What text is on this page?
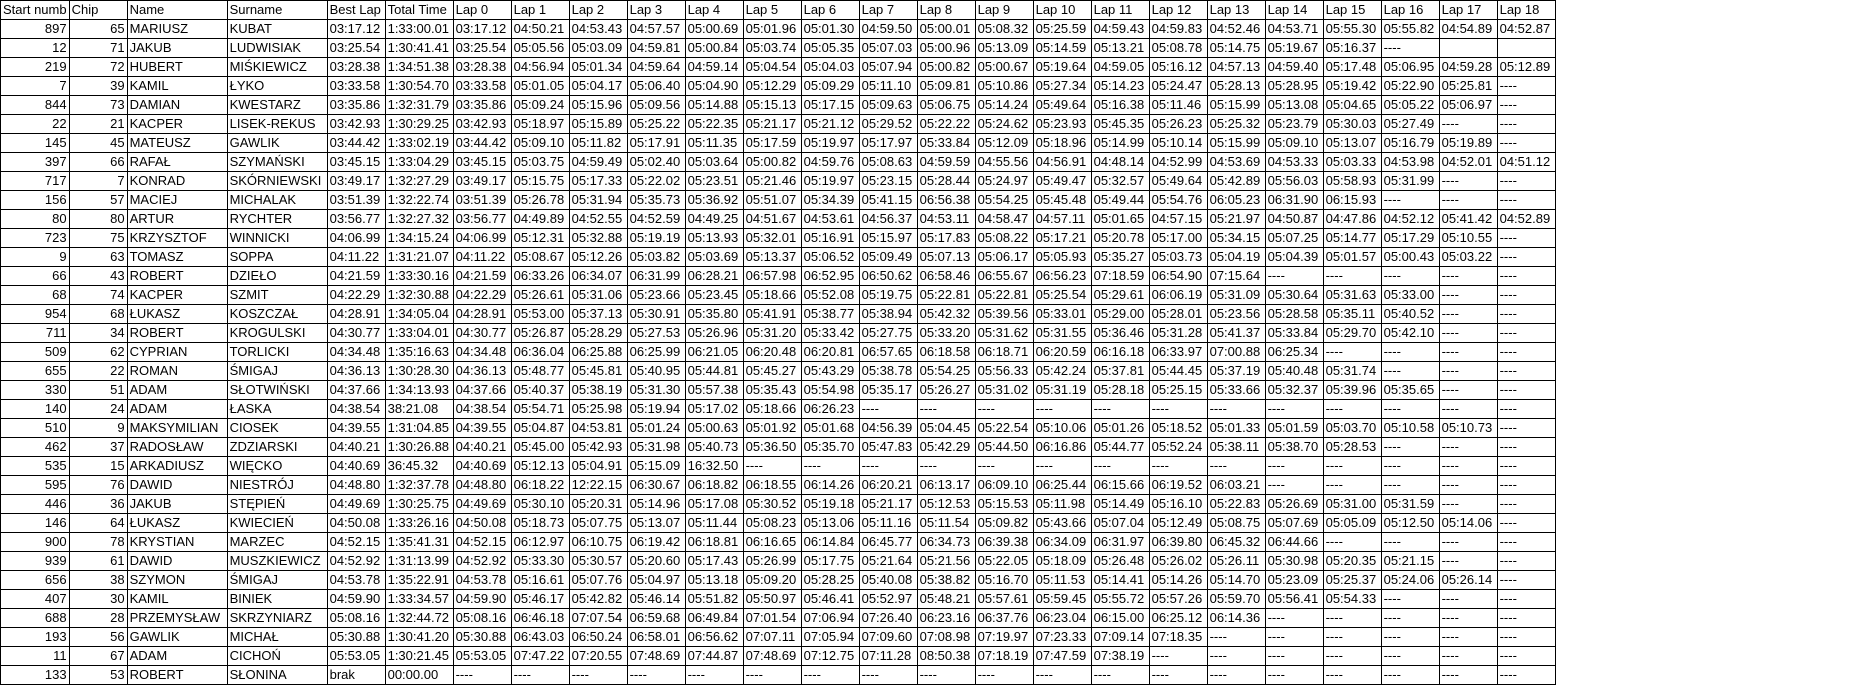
Start numb	Chip	Name	Surname	Best Lap	Total Time	Lap 0	Lap 1	Lap 2	Lap 3	Lap 4	Lap 5	Lap 6	Lap 7	Lap 8	Lap 9	Lap 10	Lap 11	Lap 12	Lap 13	Lap 14	Lap 15	Lap 16	Lap 17	Lap 18
897	65	MARIUSZ	KUBAT	03:17.12	1:33:00.01	03:17.12	04:50.21	04:53.43	04:57.57	05:00.69	05:01.96	05:01.30	04:59.50	05:00.01	05:08.32	05:25.59	04:59.43	04:59.83	04:52.46	04:53.71	05:55.30	05:55.82	04:54.89	04:52.87
12	71	JAKUB	LUDWISIAK	03:25.54	1:30:41.41	03:25.54	05:05.56	05:03.09	04:59.81	05:00.84	05:03.74	05:05.35	05:07.03	05:00.96	05:13.09	05:14.59	05:13.21	05:08.78	05:14.75	05:19.67	05:16.37	----		
219	72	HUBERT	MIŚKIEWICZ	03:28.38	1:34:51.38	03:28.38	04:56.94	05:01.34	04:59.64	04:59.14	05:04.54	05:04.03	05:07.94	05:00.82	05:00.67	05:19.64	04:59.05	05:16.12	04:57.13	04:59.40	05:17.48	05:06.95	04:59.28	05:12.89
7	39	KAMIL	ŁYKO	03:33.58	1:30:54.70	03:33.58	05:01.05	05:04.17	05:06.40	05:04.90	05:12.29	05:09.29	05:11.10	05:09.81	05:10.86	05:27.34	05:14.23	05:24.47	05:28.13	05:28.95	05:19.42	05:22.90	05:25.81	----
844	73	DAMIAN	KWESTARZ	03:35.86	1:32:31.79	03:35.86	05:09.24	05:15.96	05:09.56	05:14.88	05:15.13	05:17.15	05:09.63	05:06.75	05:14.24	05:49.64	05:16.38	05:11.46	05:15.99	05:13.08	05:04.65	05:05.22	05:06.97	----
22	21	KACPER	LISEK-REKUS	03:42.93	1:30:29.25	03:42.93	05:18.97	05:15.89	05:25.22	05:22.35	05:21.17	05:21.12	05:29.52	05:22.22	05:24.62	05:23.93	05:45.35	05:26.23	05:25.32	05:23.79	05:30.03	05:27.49	----	----
145	45	MATEUSZ	GAWLIK	03:44.42	1:33:02.19	03:44.42	05:09.10	05:11.82	05:17.91	05:11.35	05:17.59	05:19.97	05:17.97	05:33.84	05:12.09	05:18.96	05:14.99	05:10.14	05:15.99	05:09.10	05:13.07	05:16.79	05:19.89	----
397	66	RAFAŁ	SZYMAŃSKI	03:45.15	1:33:04.29	03:45.15	05:03.75	04:59.49	05:02.40	05:03.64	05:00.82	04:59.76	05:08.63	04:59.59	04:55.56	04:56.91	04:48.14	04:52.99	04:53.69	04:53.33	05:03.33	04:53.98	04:52.01	04:51.12
717	7	KONRAD	SKÓRNIEWSKI	03:49.17	1:32:27.29	03:49.17	05:15.75	05:17.33	05:22.02	05:23.51	05:21.46	05:19.97	05:23.15	05:28.44	05:24.97	05:49.47	05:32.57	05:49.64	05:42.89	05:56.03	05:58.93	05:31.99	----	----
156	57	MACIEJ	MICHALAK	03:51.39	1:32:22.74	03:51.39	05:26.78	05:31.94	05:35.73	05:36.92	05:51.07	05:34.39	05:41.15	06:56.38	05:54.25	05:45.48	05:49.44	05:54.76	06:05.23	06:31.90	06:15.93	----	----	----
80	80	ARTUR	RYCHTER	03:56.77	1:32:27.32	03:56.77	04:49.89	04:52.55	04:52.59	04:49.25	04:51.67	04:53.61	04:56.37	04:53.11	04:58.47	04:57.11	05:01.65	04:57.15	05:21.97	04:50.87	04:47.86	04:52.12	05:41.42	04:52.89
723	75	KRZYSZTOF	WINNICKI	04:06.99	1:34:15.24	04:06.99	05:12.31	05:32.88	05:19.19	05:13.93	05:32.01	05:16.91	05:15.97	05:17.83	05:08.22	05:17.21	05:20.78	05:17.00	05:34.15	05:07.25	05:14.77	05:17.29	05:10.55	----
9	63	TOMASZ	SOPPA	04:11.22	1:31:21.07	04:11.22	05:08.67	05:12.26	05:03.82	05:03.69	05:13.37	05:06.52	05:09.49	05:07.13	05:06.17	05:05.93	05:35.27	05:03.73	05:04.19	05:04.39	05:01.57	05:00.43	05:03.22	----
66	43	ROBERT	DZIEŁO	04:21.59	1:33:30.16	04:21.59	06:33.26	06:34.07	06:31.99	06:28.21	06:57.98	06:52.95	06:50.62	06:58.46	06:55.67	06:56.23	07:18.59	06:54.90	07:15.64	----	----	----	----	----
68	74	KACPER	SZMIT	04:22.29	1:32:30.88	04:22.29	05:26.61	05:31.06	05:23.66	05:23.45	05:18.66	05:52.08	05:19.75	05:22.81	05:22.81	05:25.54	05:29.61	06:06.19	05:31.09	05:30.64	05:31.63	05:33.00	----	----
954	68	ŁUKASZ	KOSZCZAŁ	04:28.91	1:34:05.04	04:28.91	05:53.00	05:37.13	05:30.91	05:35.80	05:41.91	05:38.77	05:38.94	05:42.32	05:39.56	05:33.01	05:29.00	05:28.01	05:23.56	05:28.58	05:35.11	05:40.52	----	----
711	34	ROBERT	KROGULSKI	04:30.77	1:33:04.01	04:30.77	05:26.87	05:28.29	05:27.53	05:26.96	05:31.20	05:33.42	05:27.75	05:33.20	05:31.62	05:31.55	05:36.46	05:31.28	05:41.37	05:33.84	05:29.70	05:42.10	----	----
509	62	CYPRIAN	TORLICKI	04:34.48	1:35:16.63	04:34.48	06:36.04	06:25.88	06:25.99	06:21.05	06:20.48	06:20.81	06:57.65	06:18.58	06:18.71	06:20.59	06:16.18	06:33.97	07:00.88	06:25.34	----	----	----	----
655	22	ROMAN	ŚMIGAJ	04:36.13	1:30:28.30	04:36.13	05:48.77	05:45.81	05:40.95	05:44.81	05:45.27	05:43.29	05:38.78	05:54.25	05:56.33	05:42.24	05:37.81	05:44.45	05:37.19	05:40.48	05:31.74	----	----	----
330	51	ADAM	SŁOTWIŃSKI	04:37.66	1:34:13.93	04:37.66	05:40.37	05:38.19	05:31.30	05:57.38	05:35.43	05:54.98	05:35.17	05:26.27	05:31.02	05:31.19	05:28.18	05:25.15	05:33.66	05:32.37	05:39.96	05:35.65	----	----
140	24	ADAM	ŁASKA	04:38.54	38:21.08	04:38.54	05:54.71	05:25.98	05:19.94	05:17.02	05:18.66	06:26.23	----	----	----	----	----	----	----	----	----	----	----	----
510	9	MAKSYMILIAN	CIOSEK	04:39.55	1:31:04.85	04:39.55	05:04.87	04:53.81	05:01.24	05:00.63	05:01.92	05:01.68	04:56.39	05:04.45	05:22.54	05:10.06	05:01.26	05:18.52	05:01.33	05:01.59	05:03.70	05:10.58	05:10.73	----
462	37	RADOSŁAW	ZDZIARSKI	04:40.21	1:30:26.88	04:40.21	05:45.00	05:42.93	05:31.98	05:40.73	05:36.50	05:35.70	05:47.83	05:42.29	05:44.50	06:16.86	05:44.77	05:52.24	05:38.11	05:38.70	05:28.53	----	----	----
535	15	ARKADIUSZ	WIĘCKO	04:40.69	36:45.32	04:40.69	05:12.13	05:04.91	05:15.09	16:32.50	----	----	----	----	----	----	----	----	----	----	----	----	----	----
595	76	DAWID	NIESTRÓJ	04:48.80	1:32:37.78	04:48.80	06:18.22	12:22.15	06:30.67	06:18.82	06:18.55	06:14.26	06:20.21	06:13.17	06:09.10	06:25.44	06:15.66	06:19.52	06:03.21	----	----	----	----	----
446	36	JAKUB	STĘPIEŃ	04:49.69	1:30:25.75	04:49.69	05:30.10	05:20.31	05:14.96	05:17.08	05:30.52	05:19.18	05:21.17	05:12.53	05:15.53	05:11.98	05:14.49	05:16.10	05:22.83	05:26.69	05:31.00	05:31.59	----	----
146	64	ŁUKASZ	KWIECIEŃ	04:50.08	1:33:26.16	04:50.08	05:18.73	05:07.75	05:13.07	05:11.44	05:08.23	05:13.06	05:11.16	05:11.54	05:09.82	05:43.66	05:07.04	05:12.49	05:08.75	05:07.69	05:05.09	05:12.50	05:14.06	----
900	78	KRYSTIAN	MARZEC	04:52.15	1:35:41.31	04:52.15	06:12.97	06:10.75	06:19.42	06:18.81	06:16.65	06:14.84	06:45.77	06:34.73	06:39.38	06:34.09	06:31.97	06:39.80	06:45.32	06:44.66	----	----	----	----
939	61	DAWID	MUSZKIEWICZ	04:52.92	1:31:13.99	04:52.92	05:33.30	05:30.57	05:20.60	05:17.43	05:26.99	05:17.75	05:21.64	05:21.56	05:22.05	05:18.09	05:26.48	05:26.02	05:26.11	05:30.98	05:20.35	05:21.15	----	----
656	38	SZYMON	ŚMIGAJ	04:53.78	1:35:22.91	04:53.78	05:16.61	05:07.76	05:04.97	05:13.18	05:09.20	05:28.25	05:40.08	05:38.82	05:16.70	05:11.53	05:14.41	05:14.26	05:14.70	05:23.09	05:25.37	05:24.06	05:26.14	----
407	30	KAMIL	BINIEK	04:59.90	1:33:34.57	04:59.90	05:46.17	05:42.82	05:46.14	05:51.82	05:50.97	05:46.41	05:52.97	05:48.21	05:57.61	05:59.45	05:55.72	05:57.26	05:59.70	05:56.41	05:54.33	----	----	----
688	28	PRZEMYSŁAW	SKRZYNIARZ	05:08.16	1:32:44.72	05:08.16	06:46.18	07:07.54	06:59.68	06:49.84	07:01.54	07:06.94	07:26.40	06:23.16	06:37.76	06:23.04	06:15.00	06:25.12	06:14.36	----	----	----	----	----
193	56	GAWLIK	MICHAŁ	05:30.88	1:30:41.20	05:30.88	06:43.03	06:50.24	06:58.01	06:56.62	07:07.11	07:05.94	07:09.60	07:08.98	07:19.97	07:23.33	07:09.14	07:18.35	----	----	----	----	----	----
11	67	ADAM	CICHOŃ	05:53.05	1:30:21.45	05:53.05	07:47.22	07:20.55	07:48.69	07:44.87	07:48.69	07:12.75	07:11.28	08:50.38	07:18.19	07:47.59	07:38.19	----	----	----	----	----	----	----
133	53	ROBERT	SŁONINA	brak	00:00.00	----	----	----	----	----	----	----	----	----	----	----	----	----	----	----	----	----	----	----
